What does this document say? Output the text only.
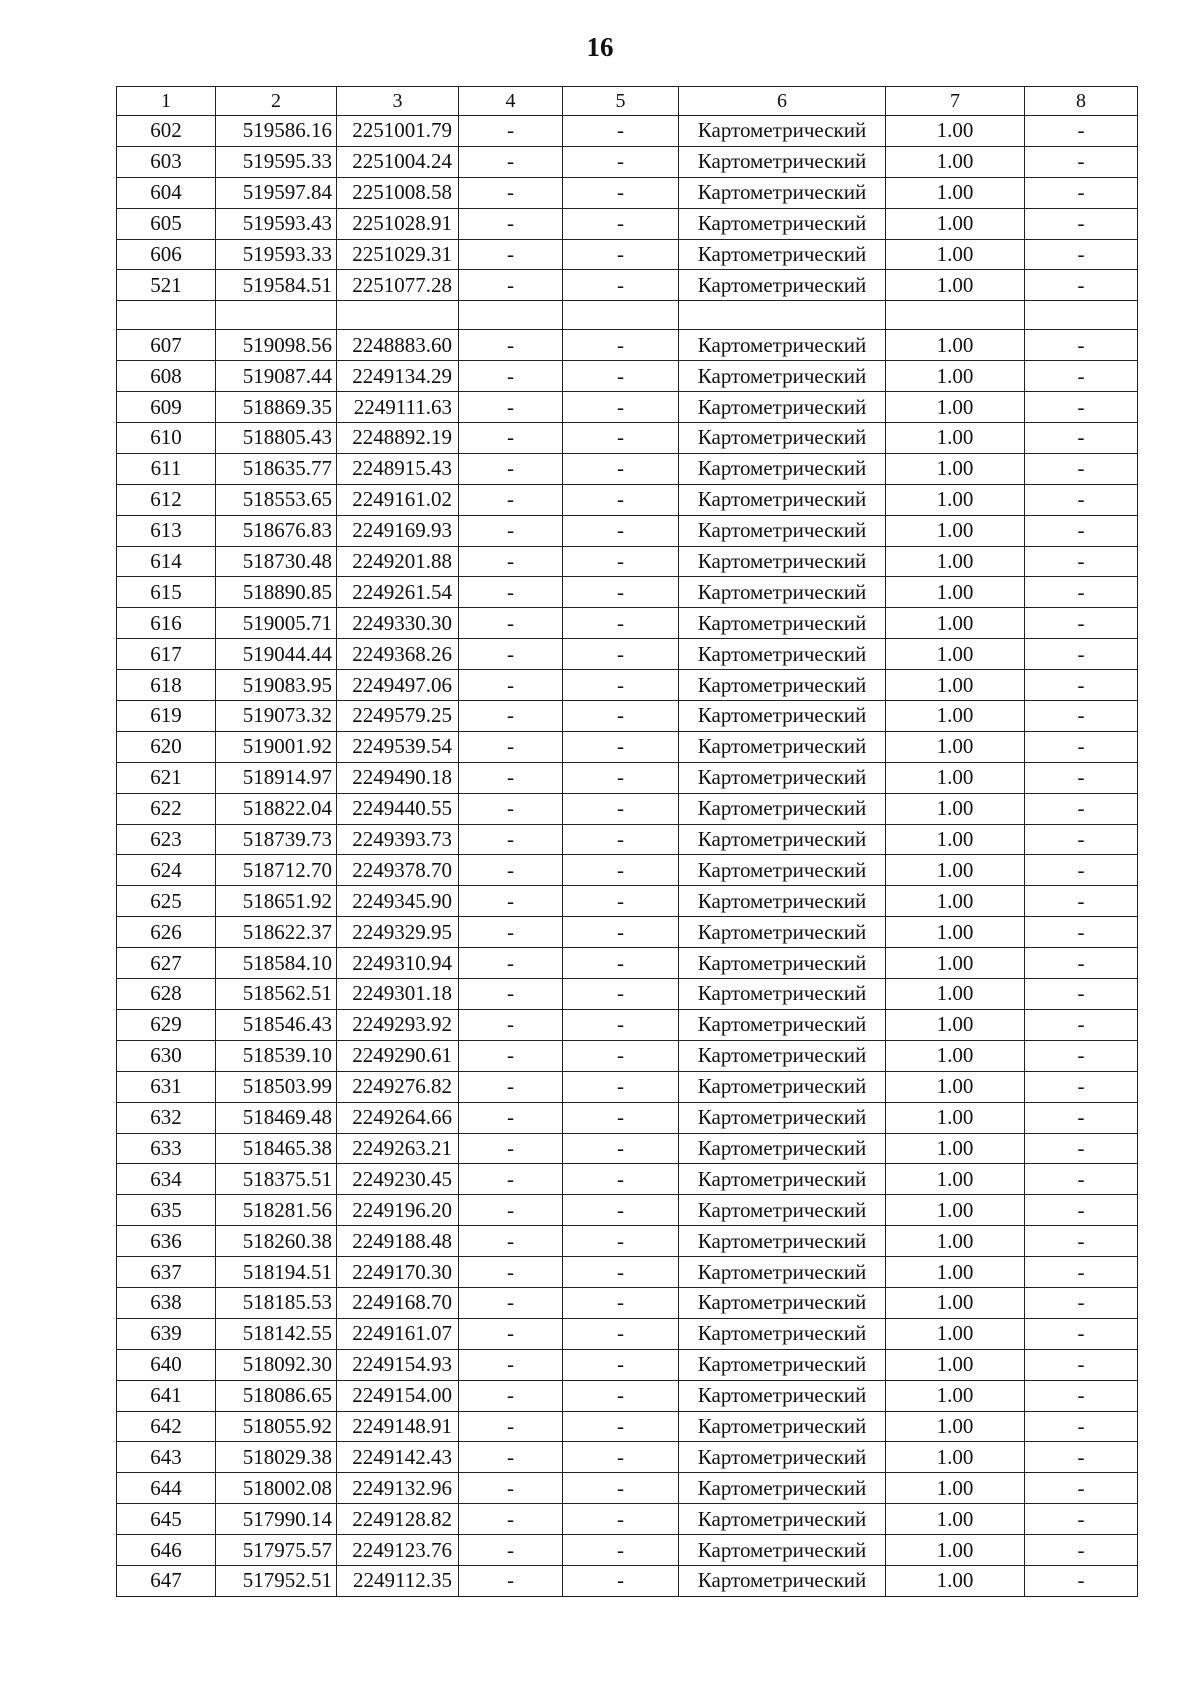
16
1	2	3	4	5	6	7	8
602	519586.16	2251001.79	-	-	Картометрический	1.00	-
603	519595.33	2251004.24	-	-	Картометрический	1.00	-
604	519597.84	2251008.58	-	-	Картометрический	1.00	-
605	519593.43	2251028.91	-	-	Картометрический	1.00	-
606	519593.33	2251029.31	-	-	Картометрический	1.00	-
521	519584.51	2251077.28	-	-	Картометрический	1.00	-

607	519098.56	2248883.60	-	-	Картометрический	1.00	-
608	519087.44	2249134.29	-	-	Картометрический	1.00	-
609	518869.35	2249111.63	-	-	Картометрический	1.00	-
610	518805.43	2248892.19	-	-	Картометрический	1.00	-
611	518635.77	2248915.43	-	-	Картометрический	1.00	-
612	518553.65	2249161.02	-	-	Картометрический	1.00	-
613	518676.83	2249169.93	-	-	Картометрический	1.00	-
614	518730.48	2249201.88	-	-	Картометрический	1.00	-
615	518890.85	2249261.54	-	-	Картометрический	1.00	-
616	519005.71	2249330.30	-	-	Картометрический	1.00	-
617	519044.44	2249368.26	-	-	Картометрический	1.00	-
618	519083.95	2249497.06	-	-	Картометрический	1.00	-
619	519073.32	2249579.25	-	-	Картометрический	1.00	-
620	519001.92	2249539.54	-	-	Картометрический	1.00	-
621	518914.97	2249490.18	-	-	Картометрический	1.00	-
622	518822.04	2249440.55	-	-	Картометрический	1.00	-
623	518739.73	2249393.73	-	-	Картометрический	1.00	-
624	518712.70	2249378.70	-	-	Картометрический	1.00	-
625	518651.92	2249345.90	-	-	Картометрический	1.00	-
626	518622.37	2249329.95	-	-	Картометрический	1.00	-
627	518584.10	2249310.94	-	-	Картометрический	1.00	-
628	518562.51	2249301.18	-	-	Картометрический	1.00	-
629	518546.43	2249293.92	-	-	Картометрический	1.00	-
630	518539.10	2249290.61	-	-	Картометрический	1.00	-
631	518503.99	2249276.82	-	-	Картометрический	1.00	-
632	518469.48	2249264.66	-	-	Картометрический	1.00	-
633	518465.38	2249263.21	-	-	Картометрический	1.00	-
634	518375.51	2249230.45	-	-	Картометрический	1.00	-
635	518281.56	2249196.20	-	-	Картометрический	1.00	-
636	518260.38	2249188.48	-	-	Картометрический	1.00	-
637	518194.51	2249170.30	-	-	Картометрический	1.00	-
638	518185.53	2249168.70	-	-	Картометрический	1.00	-
639	518142.55	2249161.07	-	-	Картометрический	1.00	-
640	518092.30	2249154.93	-	-	Картометрический	1.00	-
641	518086.65	2249154.00	-	-	Картометрический	1.00	-
642	518055.92	2249148.91	-	-	Картометрический	1.00	-
643	518029.38	2249142.43	-	-	Картометрический	1.00	-
644	518002.08	2249132.96	-	-	Картометрический	1.00	-
645	517990.14	2249128.82	-	-	Картометрический	1.00	-
646	517975.57	2249123.76	-	-	Картометрический	1.00	-
647	517952.51	2249112.35	-	-	Картометрический	1.00	-
